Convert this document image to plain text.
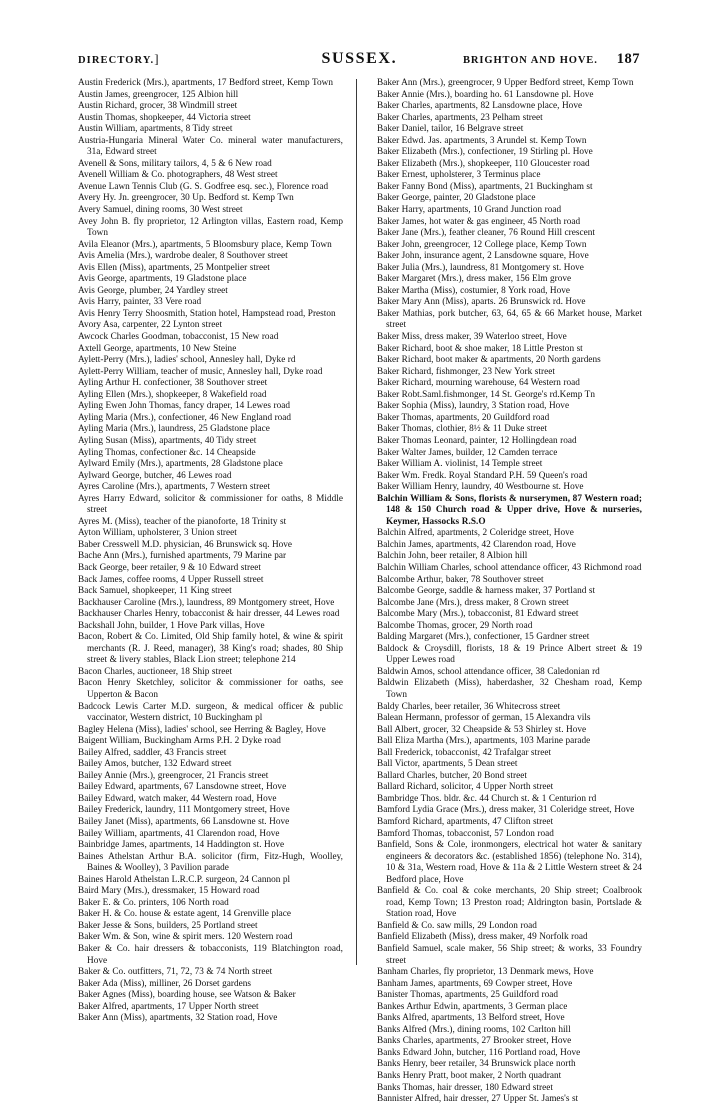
DIRECTORY.]	SUSSEX.	BRIGHTON AND HOVE. 187

Austin Frederick (Mrs.), apartments, 17 Bedford street, Kemp Town

Austin James, greengrocer, 125 Albion hill

Austin Richard, grocer, 38 Windmill street

Austin Thomas, shopkeeper, 44 Victoria street

Austin William, apartments, 8 Tidy street

Austria-Hungaria Mineral Water Co. mineral water manufacturers, 31a, Edward street

Avenell & Sons, military tailors, 4, 5 & 6 New road

Avenell William & Co. photographers, 48 West street

Avenue Lawn Tennis Club (G. S. Godfree esq. sec.), Florence road

Avery Hy. Jn. greengrocer, 30 Up. Bedford st. Kemp Twn

Avery Samuel, dining rooms, 30 West street

Avey John B. fly proprietor, 12 Arlington villas, Eastern road, Kemp Town

Avila Eleanor (Mrs.), apartments, 5 Bloomsbury place, Kemp Town

Avis Amelia (Mrs.), wardrobe dealer, 8 Southover street

Avis Ellen (Miss), apartments, 25 Montpelier street

Avis George, apartments, 19 Gladstone place

Avis George, plumber, 24 Yardley street

Avis Harry, painter, 33 Vere road

Avis Henry Terry Shoosmith, Station hotel, Hampstead road, Preston

Avory Asa, carpenter, 22 Lynton street

Awcock Charles Goodman, tobacconist, 15 New road

Axtell George, apartments, 10 New Steine

Aylett-Perry (Mrs.), ladies' school, Annesley hall, Dyke rd

Aylett-Perry William, teacher of music, Annesley hall, Dyke road

Ayling Arthur H. confectioner, 38 Southover street

Ayling Ellen (Mrs.), shopkeeper, 8 Wakefield road

Ayling Ewen John Thomas, fancy draper, 14 Lewes road

Ayling Maria (Mrs.), confectioner, 46 New England road

Ayling Maria (Mrs.), laundress, 25 Gladstone place

Ayling Susan (Miss), apartments, 40 Tidy street

Ayling Thomas, confectioner &c. 14 Cheapside

Aylward Emily (Mrs.), apartments, 28 Gladstone place

Aylward George, butcher, 46 Lewes road

Ayres Caroline (Mrs.), apartments, 7 Western street

Ayres Harry Edward, solicitor & commissioner for oaths, 8 Middle street

Ayres M. (Miss), teacher of the pianoforte, 18 Trinity st

Ayton William, upholsterer, 3 Union street

Baber Cresswell M.D. physician, 46 Brunswick sq. Hove

Bache Ann (Mrs.), furnished apartments, 79 Marine par

Back George, beer retailer, 9 & 10 Edward street

Back James, coffee rooms, 4 Upper Russell street

Back Samuel, shopkeeper, 11 King street

Backhauser Caroline (Mrs.), laundress, 89 Montgomery street, Hove

Backhauser Charles Henry, tobacconist & hair dresser, 44 Lewes road

Backshall John, builder, 1 Hove Park villas, Hove

Bacon, Robert & Co. Limited, Old Ship family hotel, & wine & spirit merchants (R. J. Reed, manager), 38 King's road; shades, 80 Ship street & livery stables, Black Lion street; telephone 214

Bacon Charles, auctioneer, 18 Ship street

Bacon Henry Sketchley, solicitor & commissioner for oaths, see Upperton & Bacon

Badcock Lewis Carter M.D. surgeon, & medical officer & public vaccinator, Western district, 10 Buckingham pl

Bagley Helena (Miss), ladies' school, see Herring & Bagley, Hove

Baigent William, Buckingham Arms P.H. 2 Dyke road

Bailey Alfred, saddler, 43 Francis street

Bailey Amos, butcher, 132 Edward street

Bailey Annie (Mrs.), greengrocer, 21 Francis street

Bailey Edward, apartments, 67 Lansdowne street, Hove

Bailey Edward, watch maker, 44 Western road, Hove

Bailey Frederick, laundry, 111 Montgomery street, Hove

Bailey Janet (Miss), apartments, 66 Lansdowne st. Hove

Bailey William, apartments, 41 Clarendon road, Hove

Bainbridge James, apartments, 14 Haddington st. Hove

Baines Athelstan Arthur B.A. solicitor (firm, Fitz-Hugh, Woolley, Baines & Woolley), 3 Pavilion parade

Baines Harold Athelstan L.R.C.P. surgeon, 24 Cannon pl

Baird Mary (Mrs.), dressmaker, 15 Howard road

Baker E. & Co. printers, 106 North road

Baker H. & Co. house & estate agent, 14 Grenville place

Baker Jesse & Sons, builders, 25 Portland street

Baker Wm. & Son, wine & spirit mers. 120 Western road

Baker & Co. hair dressers & tobacconists, 119 Blatchington road, Hove

Baker & Co. outfitters, 71, 72, 73 & 74 North street

Baker Ada (Miss), milliner, 26 Dorset gardens

Baker Agnes (Miss), boarding house, see Watson & Baker

Baker Alfred, apartments, 17 Upper North street

Baker Ann (Miss), apartments, 32 Station road, Hove

Baker Ann (Mrs.), greengrocer, 9 Upper Bedford street, Kemp Town

Baker Annie (Mrs.), boarding ho. 61 Lansdowne pl. Hove

Baker Charles, apartments, 82 Lansdowne place, Hove

Baker Charles, apartments, 23 Pelham street

Baker Daniel, tailor, 16 Belgrave street

Baker Edwd. Jas. apartments, 3 Arundel st. Kemp Town

Baker Elizabeth (Mrs.), confectioner, 19 Stirling pl. Hove

Baker Elizabeth (Mrs.), shopkeeper, 110 Gloucester road

Baker Ernest, upholsterer, 3 Terminus place

Baker Fanny Bond (Miss), apartments, 21 Buckingham st

Baker George, painter, 20 Gladstone place

Baker Harry, apartments, 10 Grand Junction road

Baker James, hot water & gas engineer, 45 North road

Baker Jane (Mrs.), feather cleaner, 76 Round Hill crescent

Baker John, greengrocer, 12 College place, Kemp Town

Baker John, insurance agent, 2 Lansdowne square, Hove

Baker Julia (Mrs.), laundress, 81 Montgomery st. Hove

Baker Margaret (Mrs.), dress maker, 156 Elm grove

Baker Martha (Miss), costumier, 8 York road, Hove

Baker Mary Ann (Miss), aparts. 26 Brunswick rd. Hove

Baker Mathias, pork butcher, 63, 64, 65 & 66 Market house, Market street

Baker Miss, dress maker, 39 Waterloo street, Hove

Baker Richard, boot & shoe maker, 18 Little Preston st

Baker Richard, boot maker & apartments, 20 North gardens

Baker Richard, fishmonger, 23 New York street

Baker Richard, mourning warehouse, 64 Western road

Baker Robt.Saml.fishmonger, 14 St. George's rd.Kemp Tn

Baker Sophia (Miss), laundry, 3 Station road, Hove

Baker Thomas, apartments, 20 Guildford road

Baker Thomas, clothier, 8½ & 11 Duke street

Baker Thomas Leonard, painter, 12 Hollingdean road

Baker Walter James, builder, 12 Camden terrace

Baker William A. violinist, 14 Temple street

Baker Wm. Fredk. Royal Standard P.H. 59 Queen's road

Baker William Henry, laundry, 40 Westbourne st. Hove

Balchin William & Sons, florists & nurserymen, 87 Western road; 148 & 150 Church road & Upper drive, Hove & nurseries, Keymer, Hassocks R.S.O

Balchin Alfred, apartments, 2 Coleridge street, Hove

Balchin James, apartments, 42 Clarendon road, Hove

Balchin John, beer retailer, 8 Albion hill

Balchin William Charles, school attendance officer, 43 Richmond road

Balcombe Arthur, baker, 78 Southover street

Balcombe George, saddle & harness maker, 37 Portland st

Balcombe Jane (Mrs.), dress maker, 8 Crown street

Balcombe Mary (Mrs.), tobacconist, 81 Edward street

Balcombe Thomas, grocer, 29 North road

Balding Margaret (Mrs.), confectioner, 15 Gardner street

Baldock & Croysdill, florists, 18 & 19 Prince Albert street & 19 Upper Lewes road

Baldwin Amos, school attendance officer, 38 Caledonian rd

Baldwin Elizabeth (Miss), haberdasher, 32 Chesham road, Kemp Town

Baldy Charles, beer retailer, 36 Whitecross street

Balean Hermann, professor of german, 15 Alexandra vils

Ball Albert, grocer, 32 Cheapside & 53 Shirley st. Hove

Ball Eliza Martha (Mrs.), apartments, 103 Marine parade

Ball Frederick, tobacconist, 42 Trafalgar street

Ball Victor, apartments, 5 Dean street

Ballard Charles, butcher, 20 Bond street

Ballard Richard, solicitor, 4 Upper North street

Bambridge Thos. bldr. &c. 44 Church st. & 1 Centurion rd

Bamford Lydia Grace (Mrs.), dress maker, 31 Coleridge street, Hove

Bamford Richard, apartments, 47 Clifton street

Bamford Thomas, tobacconist, 57 London road

Banfield, Sons & Cole, ironmongers, electrical hot water & sanitary engineers & decorators &c. (established 1856) (telephone No. 314), 10 & 31a, Western road, Hove & 11a & 2 Little Western street & 24 Bedford place, Hove

Banfield & Co. coal & coke merchants, 20 Ship street; Coalbrook road, Kemp Town; 13 Preston road; Aldrington basin, Portslade & Station road, Hove

Banfield & Co. saw mills, 29 London road

Banfield Elizabeth (Miss), dress maker, 49 Norfolk road

Banfield Samuel, scale maker, 56 Ship street; & works, 33 Foundry street

Banham Charles, fly proprietor, 13 Denmark mews, Hove

Banham James, apartments, 69 Cowper street, Hove

Banister Thomas, apartments, 25 Guildford road

Bankes Arthur Edwin, apartments, 3 German place

Banks Alfred, apartments, 13 Belford street, Hove

Banks Alfred (Mrs.), dining rooms, 102 Carlton hill

Banks Charles, apartments, 27 Brooker street, Hove

Banks Edward John, butcher, 116 Portland road, Hove

Banks Henry, beer retailer, 34 Brunswick place north

Banks Henry Pratt, boot maker, 2 North quadrant

Banks Thomas, hair dresser, 180 Edward street

Bannister Alfred, hair dresser, 27 Upper St. James's st
